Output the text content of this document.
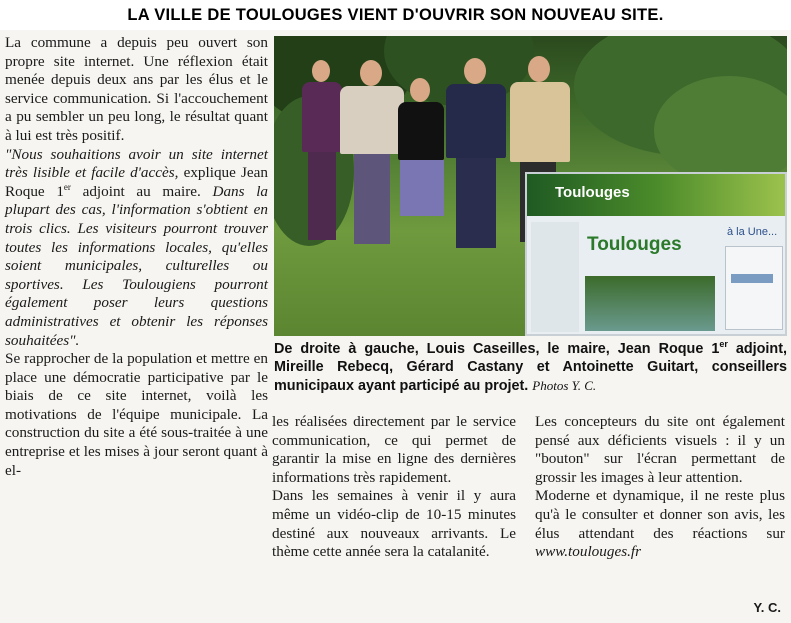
LA VILLE DE TOULOUGES VIENT D'OUVRIR SON NOUVEAU SITE.

La commune a depuis peu ouvert son propre site internet. Une réflexion était menée depuis deux ans par les élus et le service communication. Si l'accouchement a pu sembler un peu long, le résultat quant à lui est très positif.

"Nous souhaitions avoir un site internet très lisible et facile d'accès, explique Jean Roque 1er adjoint au maire. Dans la plupart des cas, l'information s'obtient en trois clics. Les visiteurs pourront trouver toutes les informations locales, qu'elles soient municipales, culturelles ou sportives. Les Toulougiens pourront également poser leurs questions administratives et obtenir les réponses souhaitées".

Se rapprocher de la population et mettre en place une démocratie participative par le biais de ce site internet, voilà les motivations de l'équipe municipale. La construction du site a été sous-traitée à une entreprise et les mises à jour seront quant à el-

Toulouges
Toulouges
à la Une...
De droite à gauche, Louis Caseilles, le maire, Jean Roque 1er adjoint, Mireille Rebecq, Gérard Castany et Antoinette Guitart, conseillers municipaux ayant participé au projet. Photos Y. C.

les réalisées directement par le service communication, ce qui permet de garantir la mise en ligne des dernières informations très rapidement.

Dans les semaines à venir il y aura même un vidéo-clip de 10-15 minutes destiné aux nouveaux arrivants. Le thème cette année sera la catalanité.

Les concepteurs du site ont également pensé aux déficients visuels : il y un "bouton" sur l'écran permettant de grossir les images à leur attention.

Moderne et dynamique, il ne reste plus qu'à le consulter et donner son avis, les élus attendant des réactions sur www.toulouges.fr

Y. C.
